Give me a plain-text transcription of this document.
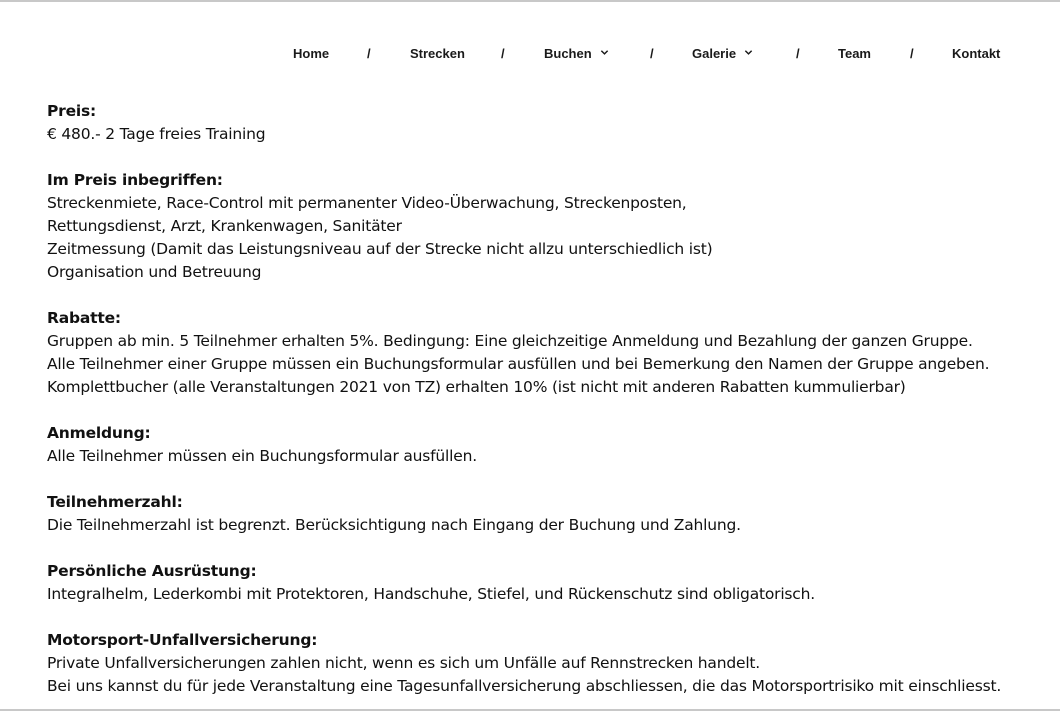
Home	/	Strecken	/	Buchen	/	Galerie	/	Team	/	Kontakt
Preis:
€ 480.- 2 Tage freies Training
Im Preis inbegriffen:
Streckenmiete, Race-Control mit permanenter Video-Überwachung, Streckenposten,
Rettungsdienst, Arzt, Krankenwagen, Sanitäter
Zeitmessung (Damit das Leistungsniveau auf der Strecke nicht allzu unterschiedlich ist)
Organisation und Betreuung
Rabatte:
Gruppen ab min. 5 Teilnehmer erhalten 5%. Bedingung: Eine gleichzeitige Anmeldung und Bezahlung der ganzen Gruppe.
Alle Teilnehmer einer Gruppe müssen ein Buchungsformular ausfüllen und bei Bemerkung den Namen der Gruppe angeben.
Komplettbucher (alle Veranstaltungen 2021 von TZ) erhalten 10% (ist nicht mit anderen Rabatten kummulierbar)
Anmeldung:
Alle Teilnehmer müssen ein Buchungsformular ausfüllen.
Teilnehmerzahl:
Die Teilnehmerzahl ist begrenzt. Berücksichtigung nach Eingang der Buchung und Zahlung.
Persönliche Ausrüstung:
Integralhelm, Lederkombi mit Protektoren, Handschuhe, Stiefel, und Rückenschutz sind obligatorisch.
Motorsport-Unfallversicherung:
Private Unfallversicherungen zahlen nicht, wenn es sich um Unfälle auf Rennstrecken handelt.
Bei uns kannst du für jede Veranstaltung eine Tagesunfallversicherung abschliessen, die das Motorsportrisiko mit einschliesst.
